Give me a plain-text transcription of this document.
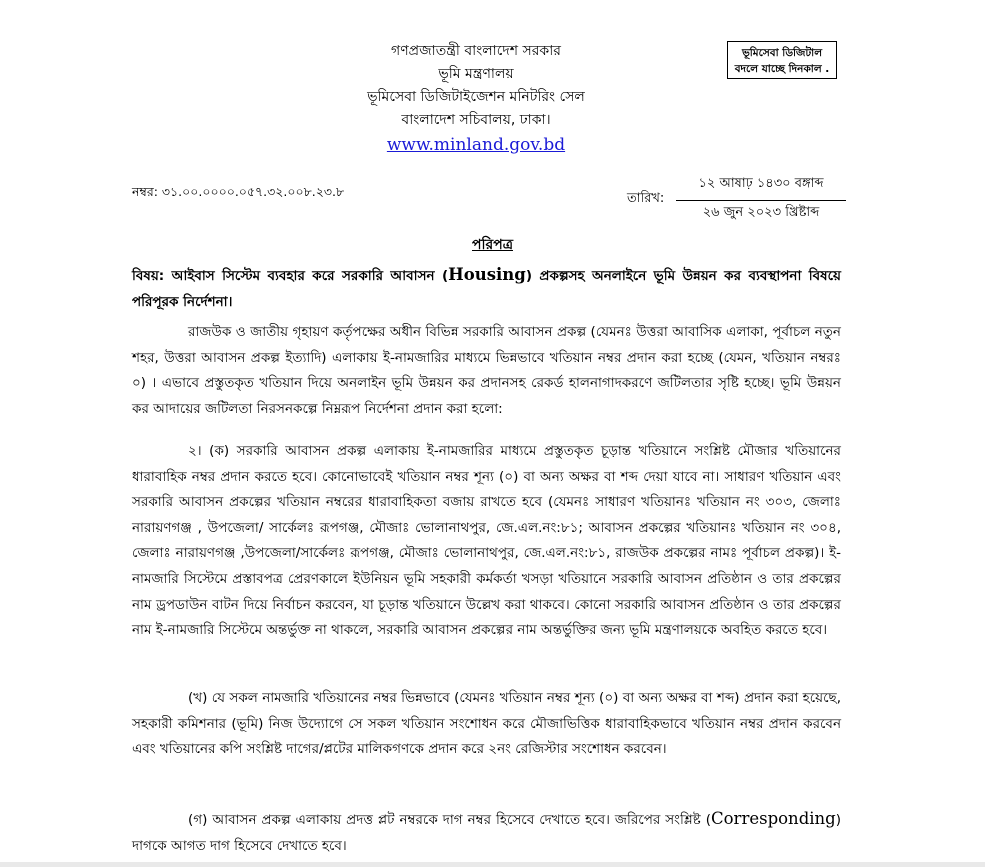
গণপ্রজাতন্ত্রী বাংলাদেশ সরকার
ভূমি মন্ত্রণালয়
ভূমিসেবা ডিজিটাইজেশন মনিটরিং সেল
বাংলাদেশ সচিবালয়, ঢাকা।
www.minland.gov.bd
ভূমিসেবা ডিজিটাল
বদলে যাচ্ছে দিনকাল .
নম্বর: ৩১.০০.০০০০.০৫৭.৩২.০০৮.২৩.৮	তারিখ:
১২ আষাঢ় ১৪৩০ বঙ্গাব্দ
২৬ জুন ২০২৩ খ্রিষ্টাব্দ
পরিপত্র
বিষয়: আইবাস সিস্টেম ব্যবহার করে সরকারি আবাসন (Housing) প্রকল্পসহ অনলাইনে ভূমি উন্নয়ন কর ব্যবস্থাপনা বিষয়ে পরিপূরক নির্দেশনা।
রাজউক ও জাতীয় গৃহায়ণ কর্তৃপক্ষের অধীন বিভিন্ন সরকারি আবাসন প্রকল্প (যেমনঃ উত্তরা আবাসিক এলাকা, পূর্বাচল নতুন শহর, উত্তরা আবাসন প্রকল্প ইত্যাদি) এলাকায় ই-নামজারির মাধ্যমে ভিন্নভাবে খতিয়ান নম্বর প্রদান করা হচ্ছে (যেমন, খতিয়ান নম্বরঃ ০) । এভাবে প্রস্তুতকৃত খতিয়ান দিয়ে অনলাইন ভূমি উন্নয়ন কর প্রদানসহ রেকর্ড হালনাগাদকরণে জটিলতার সৃষ্টি হচ্ছে। ভূমি উন্নয়ন কর আদায়ের জটিলতা নিরসনকল্পে নিম্নরূপ নির্দেশনা প্রদান করা হলো:
২। (ক) সরকারি আবাসন প্রকল্প এলাকায় ই-নামজারির মাধ্যমে প্রস্তুতকৃত চূড়ান্ত খতিয়ানে সংশ্লিষ্ট মৌজার খতিয়ানের ধারাবাহিক নম্বর প্রদান করতে হবে। কোনোভাবেই খতিয়ান নম্বর শূন্য (০) বা অন্য অক্ষর বা শব্দ দেয়া যাবে না। সাধারণ খতিয়ান এবং সরকারি আবাসন প্রকল্পের খতিয়ান নম্বরের ধারাবাহিকতা বজায় রাখতে হবে (যেমনঃ সাধারণ খতিয়ানঃ খতিয়ান নং ৩০৩, জেলাঃ নারায়ণগঞ্জ , উপজেলা/ সার্কেলঃ রূপগঞ্জ, মৌজাঃ ভোলানাথপুর, জে.এল.নং:৮১; আবাসন প্রকল্পের খতিয়ানঃ খতিয়ান নং ৩০৪, জেলাঃ নারায়ণগঞ্জ ,উপজেলা/সার্কেলঃ রূপগঞ্জ, মৌজাঃ ভোলানাথপুর, জে.এল.নং:৮১, রাজউক প্রকল্পের নামঃ পূর্বাচল প্রকল্প)। ই-নামজারি সিস্টেমে প্রস্তাবপত্র প্রেরণকালে ইউনিয়ন ভূমি সহকারী কর্মকর্তা খসড়া খতিয়ানে সরকারি আবাসন প্রতিষ্ঠান ও তার প্রকল্পের নাম ড্রপডাউন বাটন দিয়ে নির্বাচন করবেন, যা চূড়ান্ত খতিয়ানে উল্লেখ করা থাকবে। কোনো সরকারি আবাসন প্রতিষ্ঠান ও তার প্রকল্পের নাম ই-নামজারি সিস্টেমে অন্তর্ভুক্ত না থাকলে, সরকারি আবাসন প্রকল্পের নাম অন্তর্ভুক্তির জন্য ভূমি মন্ত্রণালয়কে অবহিত করতে হবে।
(খ) যে সকল নামজারি খতিয়ানের নম্বর ভিন্নভাবে (যেমনঃ খতিয়ান নম্বর শূন্য (০) বা অন্য অক্ষর বা শব্দ) প্রদান করা হয়েছে, সহকারী কমিশনার (ভূমি) নিজ উদ্যোগে সে সকল খতিয়ান সংশোধন করে মৌজাভিত্তিক ধারাবাহিকভাবে খতিয়ান নম্বর প্রদান করবেন এবং খতিয়ানের কপি সংশ্লিষ্ট দাগের/প্লটের মালিকগণকে প্রদান করে ২নং রেজিস্টার সংশোধন করবেন।
(গ) আবাসন প্রকল্প এলাকায় প্রদত্ত প্লট নম্বরকে দাগ নম্বর হিসেবে দেখাতে হবে। জরিপের সংশ্লিষ্ট (Corresponding) দাগকে আগত দাগ হিসেবে দেখাতে হবে।
